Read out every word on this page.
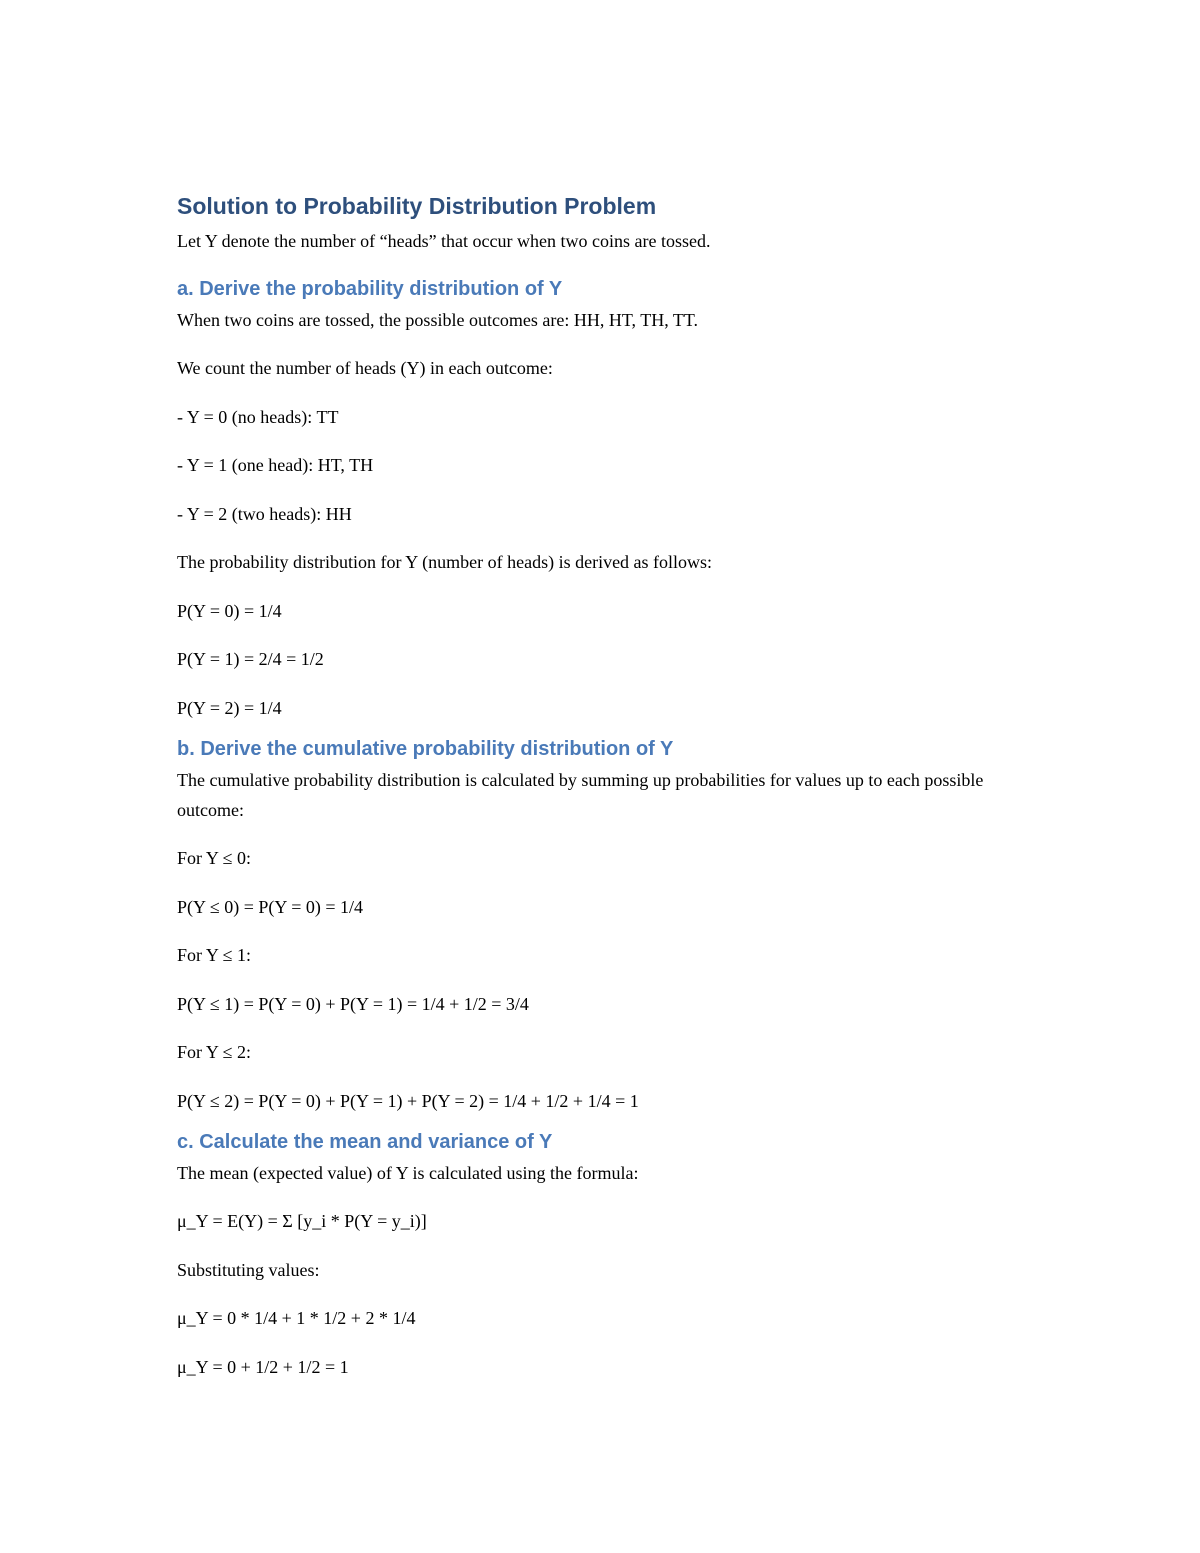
Solution to Probability Distribution Problem
Let Y denote the number of “heads” that occur when two coins are tossed.
a. Derive the probability distribution of Y
When two coins are tossed, the possible outcomes are: HH, HT, TH, TT.
We count the number of heads (Y) in each outcome:
- Y = 0 (no heads): TT
- Y = 1 (one head): HT, TH
- Y = 2 (two heads): HH
The probability distribution for Y (number of heads) is derived as follows:
P(Y = 0) = 1/4
P(Y = 1) = 2/4 = 1/2
P(Y = 2) = 1/4
b. Derive the cumulative probability distribution of Y
The cumulative probability distribution is calculated by summing up probabilities for values up to each possible outcome:
For Y ≤ 0:
P(Y ≤ 0) = P(Y = 0) = 1/4
For Y ≤ 1:
P(Y ≤ 1) = P(Y = 0) + P(Y = 1) = 1/4 + 1/2 = 3/4
For Y ≤ 2:
P(Y ≤ 2) = P(Y = 0) + P(Y = 1) + P(Y = 2) = 1/4 + 1/2 + 1/4 = 1
c. Calculate the mean and variance of Y
The mean (expected value) of Y is calculated using the formula:
μ_Y = E(Y) = Σ [y_i * P(Y = y_i)]
Substituting values:
μ_Y = 0 * 1/4 + 1 * 1/2 + 2 * 1/4
μ_Y = 0 + 1/2 + 1/2 = 1
